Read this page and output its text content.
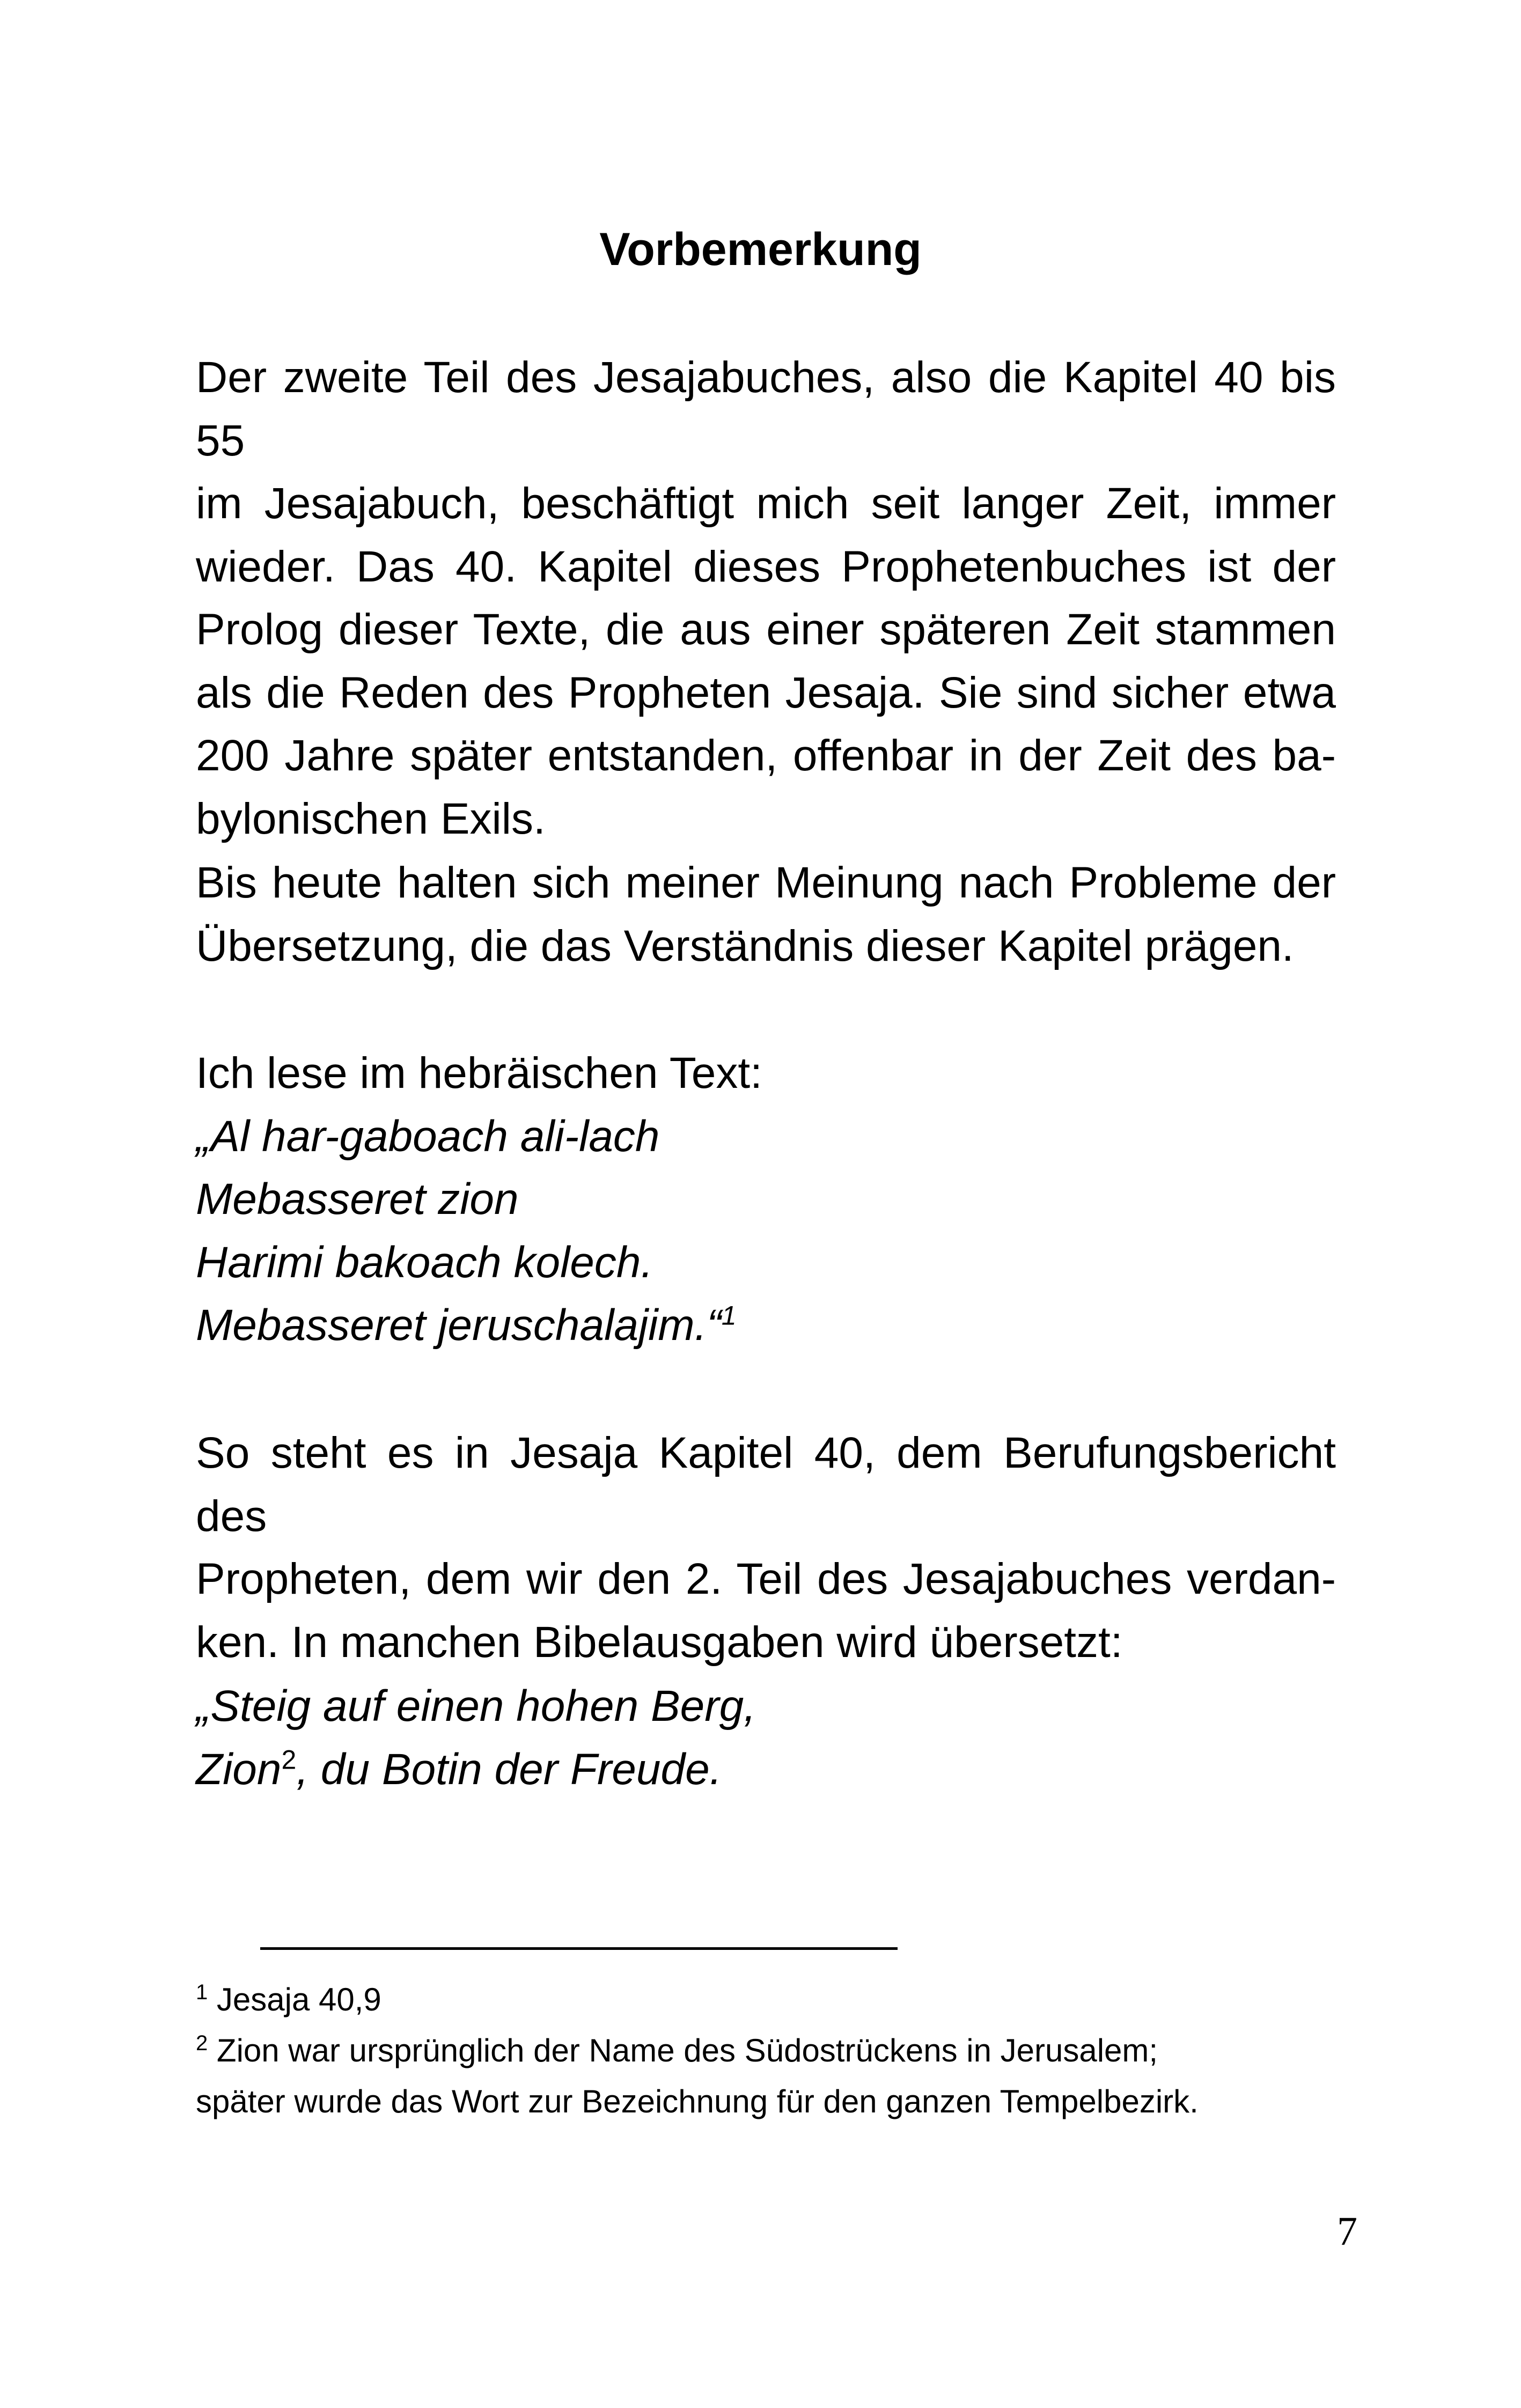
Vorbemerkung
Der zweite Teil des Jesajabuches, also die Kapitel 40 bis 55
im Jesajabuch, beschäftigt mich seit langer Zeit, immer
wieder. Das 40. Kapitel dieses Prophetenbuches ist der
Prolog dieser Texte, die aus einer späteren Zeit stammen
als die Reden des Propheten Jesaja. Sie sind sicher etwa
200 Jahre später entstanden, offenbar in der Zeit des ba-
bylonischen Exils.
Bis heute halten sich meiner Meinung nach Probleme der
Übersetzung, die das Verständnis dieser Kapitel prägen.
Ich lese im hebräischen Text:
„Al har-gaboach ali-lach
Mebasseret zion
Harimi bakoach kolech.
Mebasseret jeruschalajim.“$^1$
So steht es in Jesaja Kapitel 40, dem Berufungsbericht des
Propheten, dem wir den 2. Teil des Jesajabuches verdan-
ken. In manchen Bibelausgaben wird übersetzt:
„Steig auf einen hohen Berg,
Zion$^2$, du Botin der Freude.
$^1$ Jesaja 40,9
$^2$ Zion war ursprünglich der Name des Südostrückens in Jerusalem;
später wurde das Wort zur Bezeichnung für den ganzen Tempelbezirk.
7
